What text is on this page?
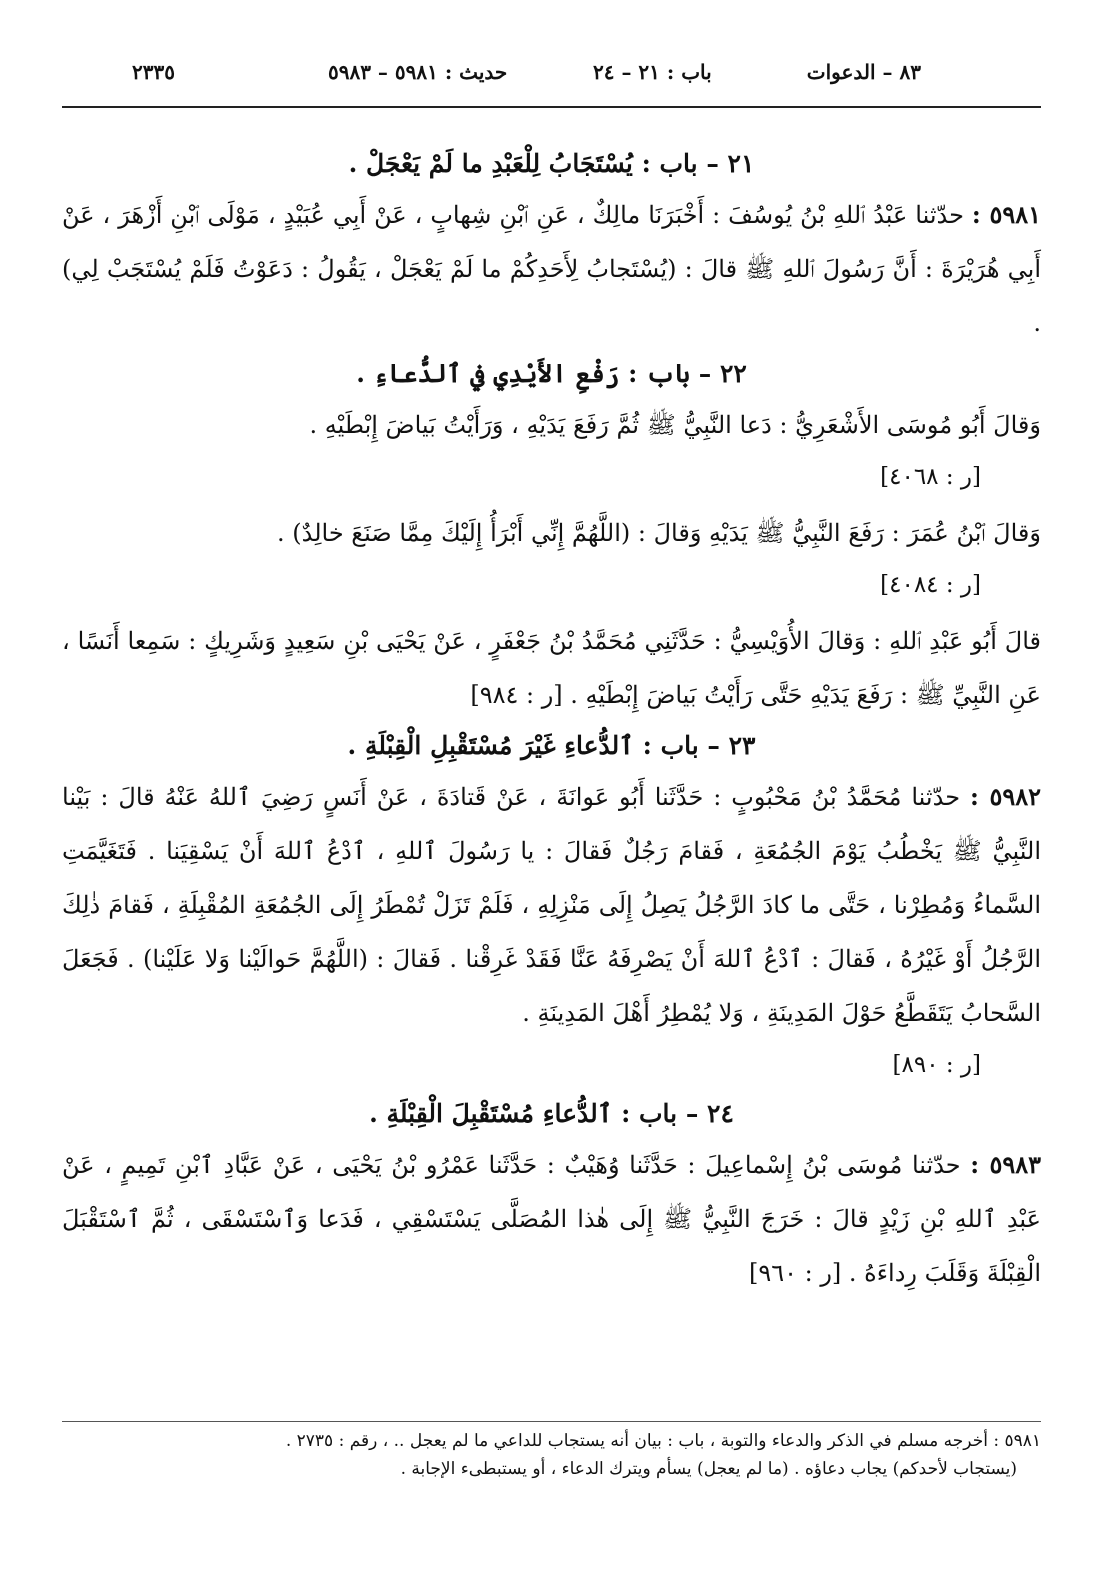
٢٣٣٥	حديث : ٥٩٨١ – ٥٩٨٣	باب : ٢١ – ٢٤	٨٣ – الدعوات
٢١ – باب : يُسْتَجَابُ لِلْعَبْدِ ما لَمْ يَعْجَلْ .

٥٩٨١ : حدّثنا عَبْدُ ٱللهِ بْنُ يُوسُفَ : أَخْبَرَنَا مالِكٌ ، عَنِ ٱبْنِ شِهابٍ ، عَنْ أَبِي عُبَيْدٍ ، مَوْلَى ٱبْنِ أَزْهَرَ ، عَنْ أَبِي هُرَيْرَةَ : أَنَّ رَسُولَ ٱللهِ ﷺ قالَ : (يُسْتَجابُ لِأَحَدِكُمْ ما لَمْ يَعْجَلْ ، يَقُولُ : دَعَوْتُ فَلَمْ يُسْتَجَبْ لِي) .

٢٢ – باب : رَفْعِ الأَيْدِي في ٱلدُّعاءِ .

وَقالَ أَبُو مُوسَى الأَشْعَرِيُّ : دَعا النَّبِيُّ ﷺ ثُمَّ رَفَعَ يَدَيْهِ ، وَرَأَيْتُ بَياضَ إِبْطَيْهِ .

[ر : ٤٠٦٨]

وَقالَ ٱبْنُ عُمَرَ : رَفَعَ النَّبِيُّ ﷺ يَدَيْهِ وَقالَ : (اللَّهُمَّ إِنِّي أَبْرَأُ إِلَيْكَ مِمَّا صَنَعَ خالِدٌ) .

[ر : ٤٠٨٤]

قالَ أَبُو عَبْدِ ٱللهِ : وَقالَ الأُوَيْسِيُّ : حَدَّثَنِي مُحَمَّدُ بْنُ جَعْفَرٍ ، عَنْ يَحْيَى بْنِ سَعِيدٍ وَشَرِيكٍ : سَمِعا أَنَسًا ، عَنِ النَّبِيِّ ﷺ : رَفَعَ يَدَيْهِ حَتَّى رَأَيْتُ بَياضَ إِبْطَيْهِ . [ر : ٩٨٤]

٢٣ – باب : ٱلدُّعاءِ غَيْرَ مُسْتَقْبِلِ الْقِبْلَةِ .

٥٩٨٢ : حدّثنا مُحَمَّدُ بْنُ مَحْبُوبٍ : حَدَّثَنا أَبُو عَوانَةَ ، عَنْ قَتادَةَ ، عَنْ أَنَسٍ رَضِيَ ٱللهُ عَنْهُ قالَ : بَيْنا النَّبِيُّ ﷺ يَخْطُبُ يَوْمَ الجُمُعَةِ ، فَقامَ رَجُلٌ فَقالَ : يا رَسُولَ ٱللهِ ، ٱدْعُ ٱللهَ أَنْ يَسْقِيَنا . فَتَغَيَّمَتِ السَّماءُ وَمُطِرْنا ، حَتَّى ما كادَ الرَّجُلُ يَصِلُ إِلَى مَنْزِلِهِ ، فَلَمْ تَزَلْ تُمْطَرُ إِلَى الجُمُعَةِ المُقْبِلَةِ ، فَقامَ ذٰلِكَ الرَّجُلُ أَوْ غَيْرُهُ ، فَقالَ : ٱدْعُ ٱللهَ أَنْ يَصْرِفَهُ عَنَّا فَقَدْ غَرِقْنا . فَقالَ : (اللَّهُمَّ حَوالَيْنا وَلا عَلَيْنا) . فَجَعَلَ السَّحابُ يَتَقَطَّعُ حَوْلَ المَدِينَةِ ، وَلا يُمْطِرُ أَهْلَ المَدِينَةِ .

[ر : ٨٩٠]

٢٤ – باب : ٱلدُّعاءِ مُسْتَقْبِلَ الْقِبْلَةِ .

٥٩٨٣ : حدّثنا مُوسَى بْنُ إِسْماعِيلَ : حَدَّثَنا وُهَيْبٌ : حَدَّثَنا عَمْرُو بْنُ يَحْيَى ، عَنْ عَبَّادِ ٱبْنِ تَمِيمٍ ، عَنْ عَبْدِ ٱللهِ بْنِ زَيْدٍ قالَ : خَرَجَ النَّبِيُّ ﷺ إِلَى هٰذا المُصَلَّى يَسْتَسْقِي ، فَدَعا وَٱسْتَسْقَى ، ثُمَّ ٱسْتَقْبَلَ الْقِبْلَةَ وَقَلَبَ رِداءَهُ . [ر : ٩٦٠]

٥٩٨١ : أخرجه مسلم في الذكر والدعاء والتوبة ، باب : بيان أنه يستجاب للداعي ما لم يعجل .. ، رقم : ٢٧٣٥ .

(يستجاب لأحدكم) يجاب دعاؤه . (ما لم يعجل) يسأم ويترك الدعاء ، أو يستبطىء الإجابة .
